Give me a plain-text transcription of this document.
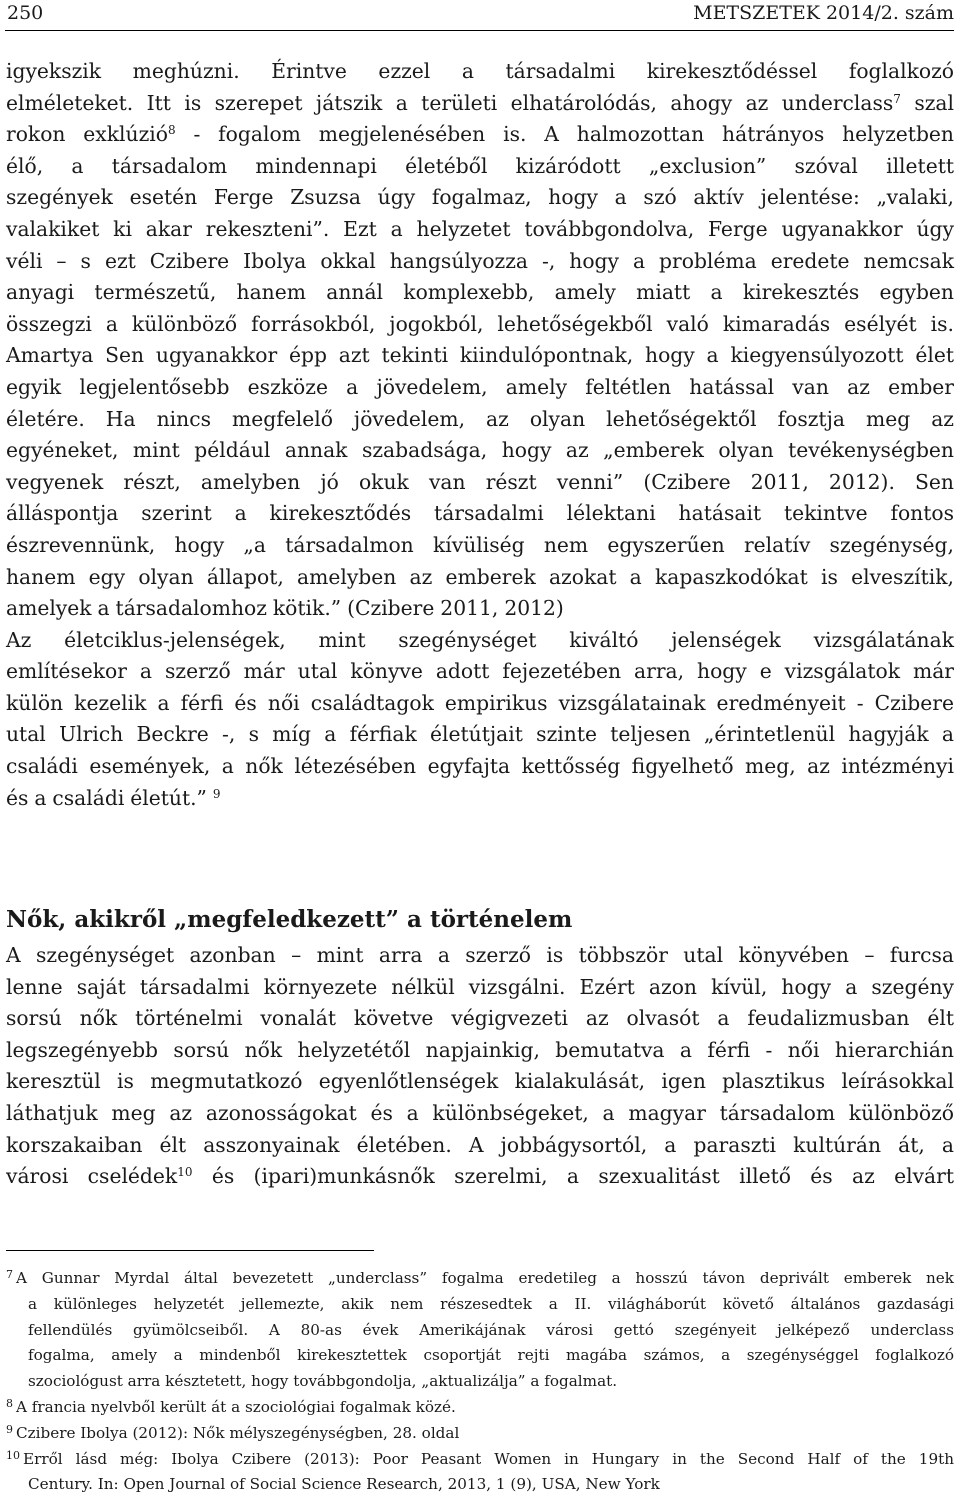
250	METSZETEK 2014/2. szám
igyekszik meghúzni. Érintve ezzel a társadalmi kirekesztődéssel foglalkozó
elméleteket. Itt is szerepet játszik a területi elhatárolódás, ahogy az underclass$^7$ szal
rokon exklúzió$^8$ - fogalom megjelenésében is. A halmozottan hátrányos helyzetben
élő, a társadalom mindennapi életéből kizáródott „exclusion” szóval illetett
szegények esetén Ferge Zsuzsa úgy fogalmaz, hogy a szó aktív jelentése: „valaki,
valakiket ki akar rekeszteni”. Ezt a helyzetet továbbgondolva, Ferge ugyanakkor úgy
véli – s ezt Czibere Ibolya okkal hangsúlyozza -, hogy a probléma eredete nemcsak
anyagi természetű, hanem annál komplexebb, amely miatt a kirekesztés egyben
összegzi a különböző forrásokból, jogokból, lehetőségekből való kimaradás esélyét is.
Amartya Sen ugyanakkor épp azt tekinti kiindulópontnak, hogy a kiegyensúlyozott élet
egyik legjelentősebb eszköze a jövedelem, amely feltétlen hatással van az ember
életére. Ha nincs megfelelő jövedelem, az olyan lehetőségektől fosztja meg az
egyéneket, mint például annak szabadsága, hogy az „emberek olyan tevékenységben
vegyenek részt, amelyben jó okuk van részt venni” (Czibere 2011, 2012). Sen
álláspontja szerint a kirekesztődés társadalmi lélektani hatásait tekintve fontos
észrevennünk, hogy „a társadalmon kívüliség nem egyszerűen relatív szegénység,
hanem egy olyan állapot, amelyben az emberek azokat a kapaszkodókat is elveszítik,
amelyek a társadalomhoz kötik.” (Czibere 2011, 2012)
Az életciklus-jelenségek, mint szegénységet kiváltó jelenségek vizsgálatának
említésekor a szerző már utal könyve adott fejezetében arra, hogy e vizsgálatok már
külön kezelik a férfi és női családtagok empirikus vizsgálatainak eredményeit - Czibere
utal Ulrich Beckre -, s míg a férfiak életútjait szinte teljesen „érintetlenül hagyják a
családi események, a nők létezésében egyfajta kettősség figyelhető meg, az intézményi
és a családi életút.” $^9$
Nők, akikről „megfeledkezett” a történelem
A szegénységet azonban – mint arra a szerző is többször utal könyvében – furcsa
lenne saját társadalmi környezete nélkül vizsgálni. Ezért azon kívül, hogy a szegény
sorsú nők történelmi vonalát követve végigvezeti az olvasót a feudalizmusban élt
legszegényebb sorsú nők helyzetétől napjainkig, bemutatva a férfi - női hierarchián
keresztül is megmutatkozó egyenlőtlenségek kialakulását, igen plasztikus leírásokkal
láthatjuk meg az azonosságokat és a különbségeket, a magyar társadalom különböző
korszakaiban élt asszonyainak életében. A jobbágysortól, a paraszti kultúrán át, a
városi cselédek$^{10}$ és (ipari)munkásnők szerelmi, a szexualitást illető és az elvárt
$^7$ A Gunnar Myrdal által bevezetett „underclass” fogalma eredetileg a hosszú távon deprivált emberek nek
a különleges helyzetét jellemezte, akik nem részesedtek a II. világháborút követő általános gazdasági
fellendülés gyümölcseiből. A 80-as évek Amerikájának városi gettó szegényeit jelképező underclass
fogalma, amely a mindenből kirekesztettek csoportját rejti magába számos, a szegénységgel foglalkozó
szociológust arra késztetett, hogy továbbgondolja, „aktualizálja” a fogalmat.
$^8$ A francia nyelvből került át a szociológiai fogalmak közé.
$^9$ Czibere Ibolya (2012): Nők mélyszegénységben, 28. oldal
$^{10}$ Erről lásd még: Ibolya Czibere (2013): Poor Peasant Women in Hungary in the Second Half of the 19th
Century. In: Open Journal of Social Science Research, 2013, 1 (9), USA, New York
